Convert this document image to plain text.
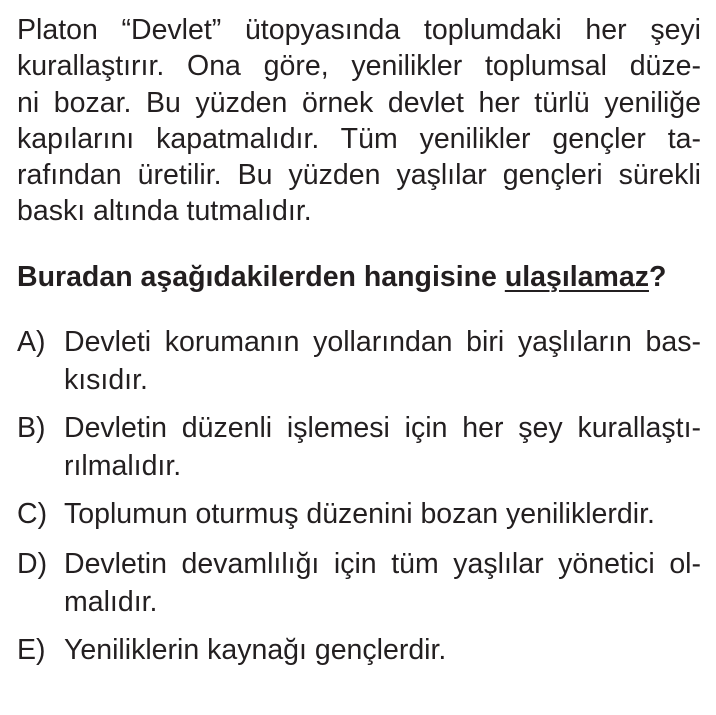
Platon “Devlet” ütopyasında toplumdaki her şeyi
kurallaştırır. Ona göre, yenilikler toplumsal düze-
ni bozar. Bu yüzden örnek devlet her türlü yeniliğe
kapılarını kapatmalıdır. Tüm yenilikler gençler ta-
rafından üretilir. Bu yüzden yaşlılar gençleri sürekli
baskı altında tutmalıdır.
Buradan aşağıdakilerden hangisine ulaşılamaz?
A) Devleti korumanın yollarından biri yaşlıların bas-
kısıdır.
B) Devletin düzenli işlemesi için her şey kurallaştı-
rılmalıdır.
C) Toplumun oturmuş düzenini bozan yeniliklerdir.
D) Devletin devamlılığı için tüm yaşlılar yönetici ol-
malıdır.
E) Yeniliklerin kaynağı gençlerdir.
